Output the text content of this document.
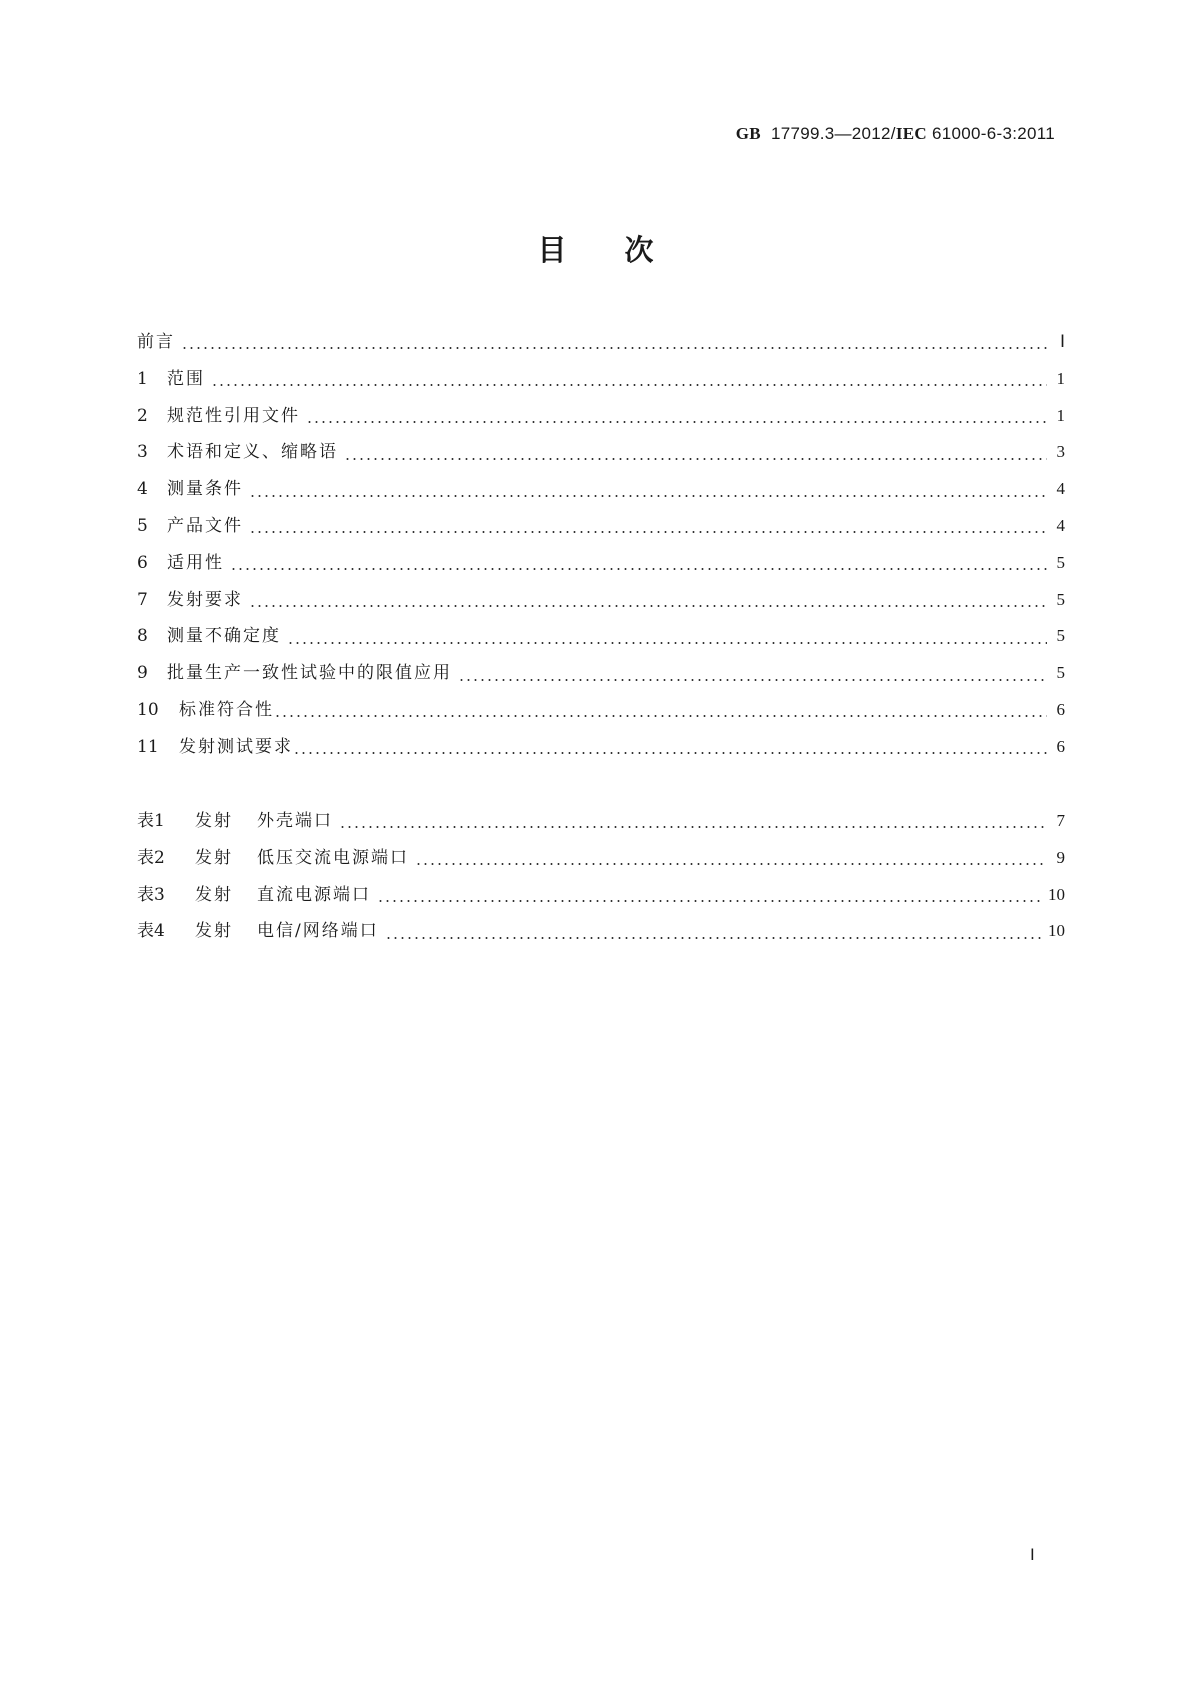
GB 17799.3—2012/IEC 61000-6-3:2011
目次
前言	Ⅰ
1	范围	1
2	规范性引用文件	1
3	术语和定义、缩略语	3
4	测量条件	4
5	产品文件	4
6	适用性	5
7	发射要求	5
8	测量不确定度	5
9	批量生产一致性试验中的限值应用	5
10	标准符合性	6
11	发射测试要求	6
表1	发射	外壳端口	7
表2	发射	低压交流电源端口	9
表3	发射	直流电源端口	10
表4	发射	电信/网络端口	10
Ⅰ
